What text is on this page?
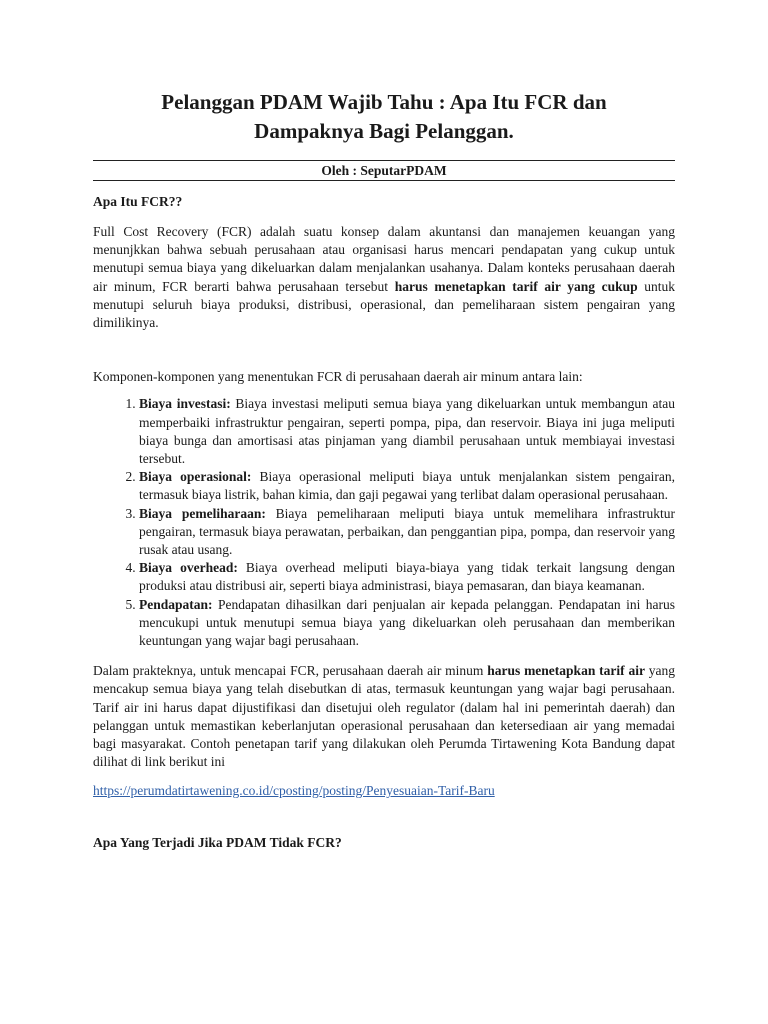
Pelanggan PDAM Wajib Tahu : Apa Itu FCR dan
Dampaknya Bagi Pelanggan.
Oleh : SeputarPDAM
Apa Itu FCR??

Full Cost Recovery (FCR) adalah suatu konsep dalam akuntansi dan manajemen keuangan yang menunjkkan bahwa sebuah perusahaan atau organisasi harus mencari pendapatan yang cukup untuk menutupi semua biaya yang dikeluarkan dalam menjalankan usahanya. Dalam konteks perusahaan daerah air minum, FCR berarti bahwa perusahaan tersebut harus menetapkan tarif air yang cukup untuk menutupi seluruh biaya produksi, distribusi, operasional, dan pemeliharaan sistem pengairan yang dimilikinya.

Komponen-komponen yang menentukan FCR di perusahaan daerah air minum antara lain:

1. Biaya investasi: Biaya investasi meliputi semua biaya yang dikeluarkan untuk membangun atau memperbaiki infrastruktur pengairan, seperti pompa, pipa, dan reservoir. Biaya ini juga meliputi biaya bunga dan amortisasi atas pinjaman yang diambil perusahaan untuk membiayai investasi tersebut.
2. Biaya operasional: Biaya operasional meliputi biaya untuk menjalankan sistem pengairan, termasuk biaya listrik, bahan kimia, dan gaji pegawai yang terlibat dalam operasional perusahaan.
3. Biaya pemeliharaan: Biaya pemeliharaan meliputi biaya untuk memelihara infrastruktur pengairan, termasuk biaya perawatan, perbaikan, dan penggantian pipa, pompa, dan reservoir yang rusak atau usang.
4. Biaya overhead: Biaya overhead meliputi biaya-biaya yang tidak terkait langsung dengan produksi atau distribusi air, seperti biaya administrasi, biaya pemasaran, dan biaya keamanan.
5. Pendapatan: Pendapatan dihasilkan dari penjualan air kepada pelanggan. Pendapatan ini harus mencukupi untuk menutupi semua biaya yang dikeluarkan oleh perusahaan dan memberikan keuntungan yang wajar bagi perusahaan.

Dalam prakteknya, untuk mencapai FCR, perusahaan daerah air minum harus menetapkan tarif air yang mencakup semua biaya yang telah disebutkan di atas, termasuk keuntungan yang wajar bagi perusahaan. Tarif air ini harus dapat dijustifikasi dan disetujui oleh regulator (dalam hal ini pemerintah daerah) dan pelanggan untuk memastikan keberlanjutan operasional perusahaan dan ketersediaan air yang memadai bagi masyarakat. Contoh penetapan tarif yang dilakukan oleh Perumda Tirtawening Kota Bandung dapat dilihat di link berikut ini

https://perumdatirtawening.co.id/cposting/posting/Penyesuaian-Tarif-Baru
Apa Yang Terjadi Jika PDAM Tidak FCR?
